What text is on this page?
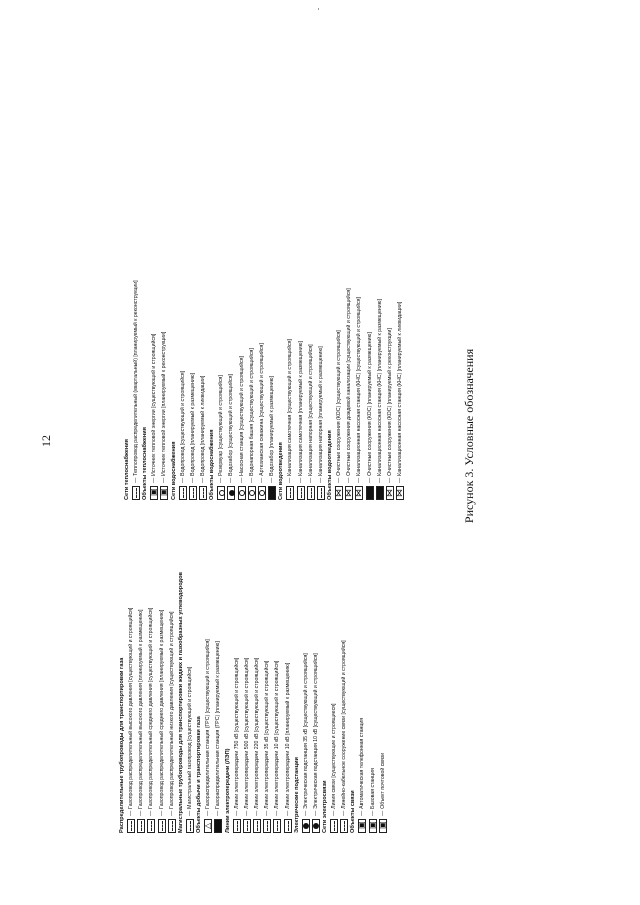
12	Рисунок 3. Условные обозначения
Распределительные трубопроводы для транспортировки газа —
Газопровод распределительный высокого давления [существующий и строящийся]
—
Газопровод распределительный высокого давления [планируемый к размещению]
—
Газопровод распределительный среднего давления [существующий и строящийся]
—
Газопровод распределительный среднего давления [планируемый к размещению]
—
Газопровод распределительный низкого давления [существующий и строящийся] Магистральные трубопроводы для транспортировки жидких и газообразных углеводородов —
Магистральный газопровод [существующий и строящийся] Объекты добычи и транспортировки газа
△ —
Газораспределительная станция (ГРС) [существующий и строящийся]
—
Газораспределительная станция (ГРС) [планируемый к размещению] Линии электропередачи (ЛЭП) —
Линии электропередачи 750 кВ [существующий и строящийся]
—
Линии электропередачи 500 кВ [существующий и строящийся]
—
Линии электропередачи 220 кВ [существующий и строящийся]
—
Линии электропередачи 35 кВ [существующий и строящийся]
—
Линии электропередачи 10 кВ [существующий и строящийся]
—
Линии электропередачи 10 кВ [планируемый к размещению] Электрические подстанции —
Электрическая подстанция 35 кВ [существующий и строящийся]
—
Электрическая подстанция 10 кВ [существующий и строящийся] Сети электросвязи —
Линия связи [существующие и строящиеся]
—
Линейно-кабельное сооружение связи [существующий и строящийся]
Объекты связи
▣ —
Автоматическая телефонная станция
▣
—
Базовая станция
▣
—
Объект почтовой связи
Сети теплоснабжения —
Теплопровод распределительный (квартальный) [планируемый к реконструкции] Объекты теплоснабжения
▣ —
Источник тепловой энергии [существующий и строящийся]
▣
—
Источник тепловой энергии [планируемый к реконструкции] Сети водоснабжения —
Водопровод [существующий и строящийся]
—
Водопровод [планируемый к размещению]
—
Водопровод [планируемый к ликвидации] Объекты водоснабжения —
Резервуар [существующий и строящийся]
—
Водозабор [существующий и строящийся]
—
Насосная станция [существующий и строящийся]
—
Водонапорная башня [существующий и строящийся]
—
Артезианская скважина [существующий и строящийся]
—
Водозабор [планируемый к размещению] Сети водоотведения —
Канализация самотечная [существующий и строящийся]
—
Канализация самотечная [планируемый к размещению]
—
Канализация напорная [существующий и строящийся]
—
Канализация напорная [планируемый к размещению] Объекты водоотведения
⋈ —
Очистные сооружения (КОС) [существующий и строящийся]
⋈
—
Очистные сооружения дождевой канализации [существующий и строящийся]
⋈
—
Канализационная насосная станция (КНС) [существующий и строящийся]
—
Очистные сооружения (КОС) [планируемый к размещению]
—
Канализационная насосная станция (КНС) [планируемый к размещению]
⋈
—
Очистные сооружения (КОС) [планируемый к реконструкции]
⋈
—
Канализационная насосная станция (КНС) [планируемый к ликвидации]
